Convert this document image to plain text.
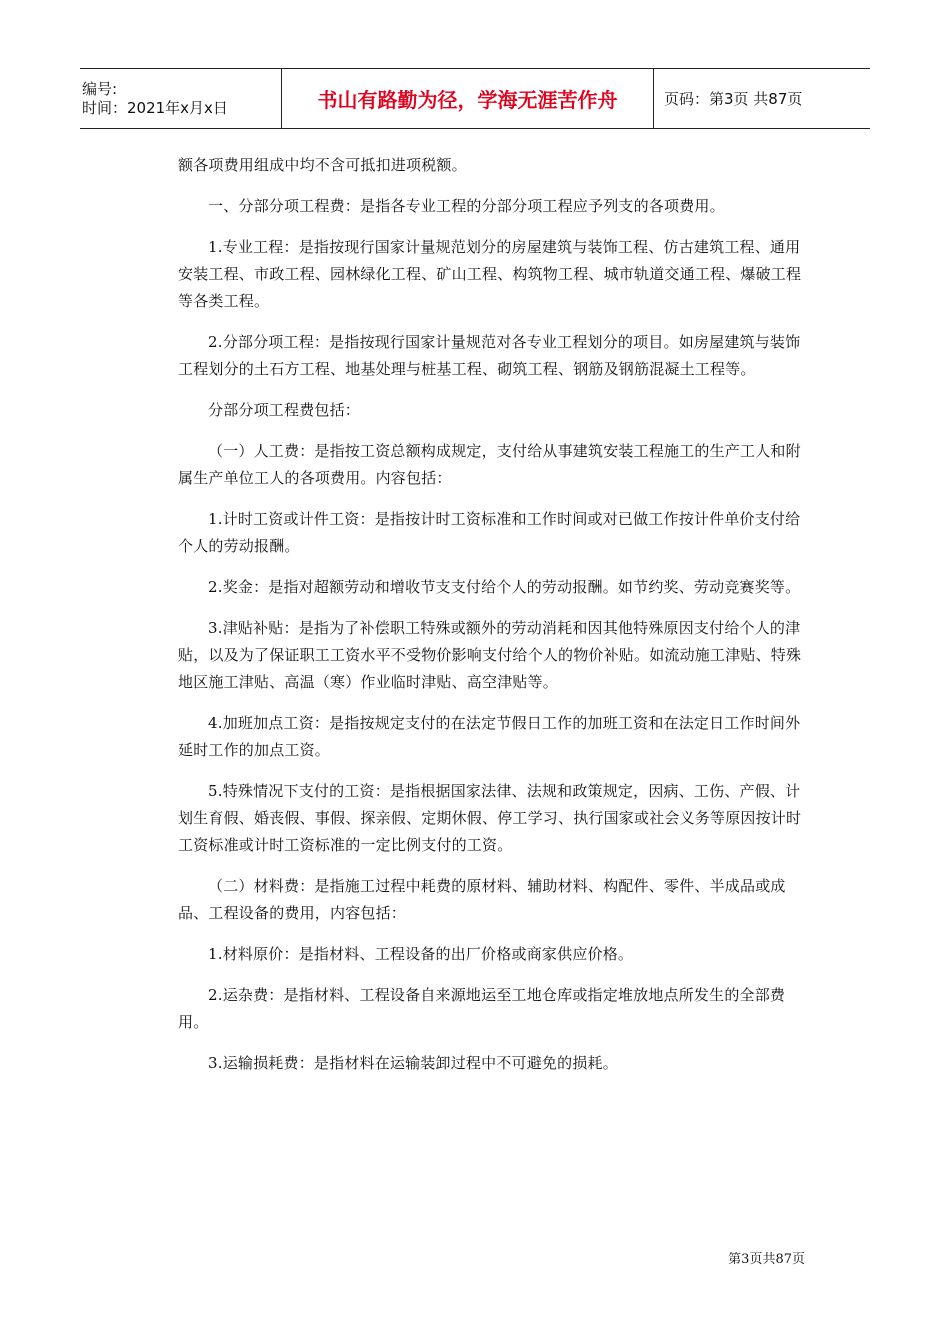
编号:
时间：2021年x月x日	书山有路勤为径，学海无涯苦作舟	页码：第3页 共87页

额各项费用组成中均不含可抵扣进项税额。

一、分部分项工程费：是指各专业工程的分部分项工程应予列支的各项费用。

1.专业工程：是指按现行国家计量规范划分的房屋建筑与装饰工程、仿古建筑工程、通用安装工程、市政工程、园林绿化工程、矿山工程、构筑物工程、城市轨道交通工程、爆破工程等各类工程。

2.分部分项工程：是指按现行国家计量规范对各专业工程划分的项目。如房屋建筑与装饰工程划分的土石方工程、地基处理与桩基工程、砌筑工程、钢筋及钢筋混凝土工程等。

分部分项工程费包括：

（一）人工费：是指按工资总额构成规定，支付给从事建筑安装工程施工的生产工人和附属生产单位工人的各项费用。内容包括：

1.计时工资或计件工资：是指按计时工资标准和工作时间或对已做工作按计件单价支付给个人的劳动报酬。

2.奖金：是指对超额劳动和增收节支支付给个人的劳动报酬。如节约奖、劳动竞赛奖等。

3.津贴补贴：是指为了补偿职工特殊或额外的劳动消耗和因其他特殊原因支付给个人的津贴，以及为了保证职工工资水平不受物价影响支付给个人的物价补贴。如流动施工津贴、特殊地区施工津贴、高温（寒）作业临时津贴、高空津贴等。

4.加班加点工资：是指按规定支付的在法定节假日工作的加班工资和在法定日工作时间外延时工作的加点工资。

5.特殊情况下支付的工资：是指根据国家法律、法规和政策规定，因病、工伤、产假、计划生育假、婚丧假、事假、探亲假、定期休假、停工学习、执行国家或社会义务等原因按计时工资标准或计时工资标准的一定比例支付的工资。

（二）材料费：是指施工过程中耗费的原材料、辅助材料、构配件、零件、半成品或成品、工程设备的费用，内容包括：

1.材料原价：是指材料、工程设备的出厂价格或商家供应价格。

2.运杂费：是指材料、工程设备自来源地运至工地仓库或指定堆放地点所发生的全部费用。

3.运输损耗费：是指材料在运输装卸过程中不可避免的损耗。

第3页共87页
